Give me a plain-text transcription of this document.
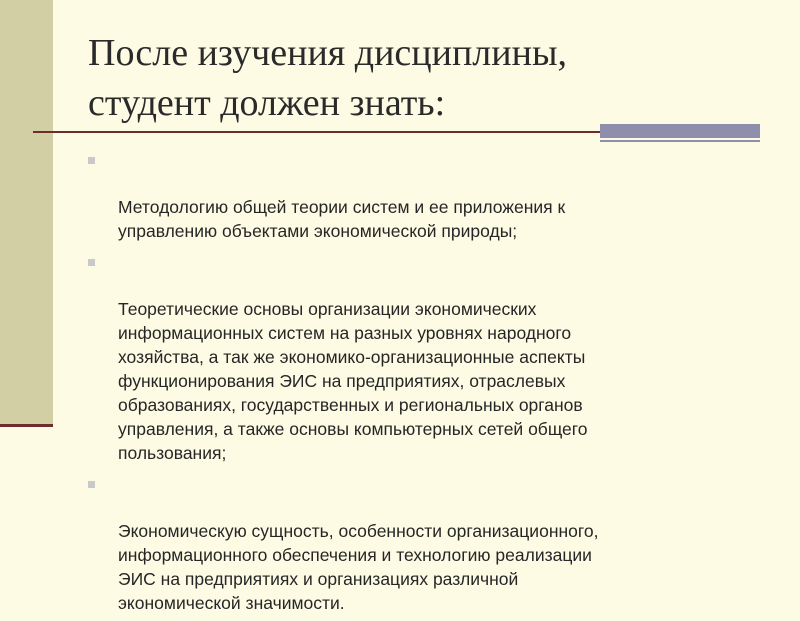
После изучения дисциплины,
студент должен знать:

Методологию общей теории систем и ее приложения к
управлению объектами экономической природы;

Теоретические основы организации экономических
информационных систем на разных уровнях народного
хозяйства, а так же экономико-организационные аспекты
функционирования ЭИС на предприятиях, отраслевых
образованиях, государственных и региональных органов
управления, а также основы компьютерных сетей общего
пользования;

Экономическую сущность, особенности организационного,
информационного обеспечения и технологию реализации
ЭИС на предприятиях и организациях различной
экономической значимости.
